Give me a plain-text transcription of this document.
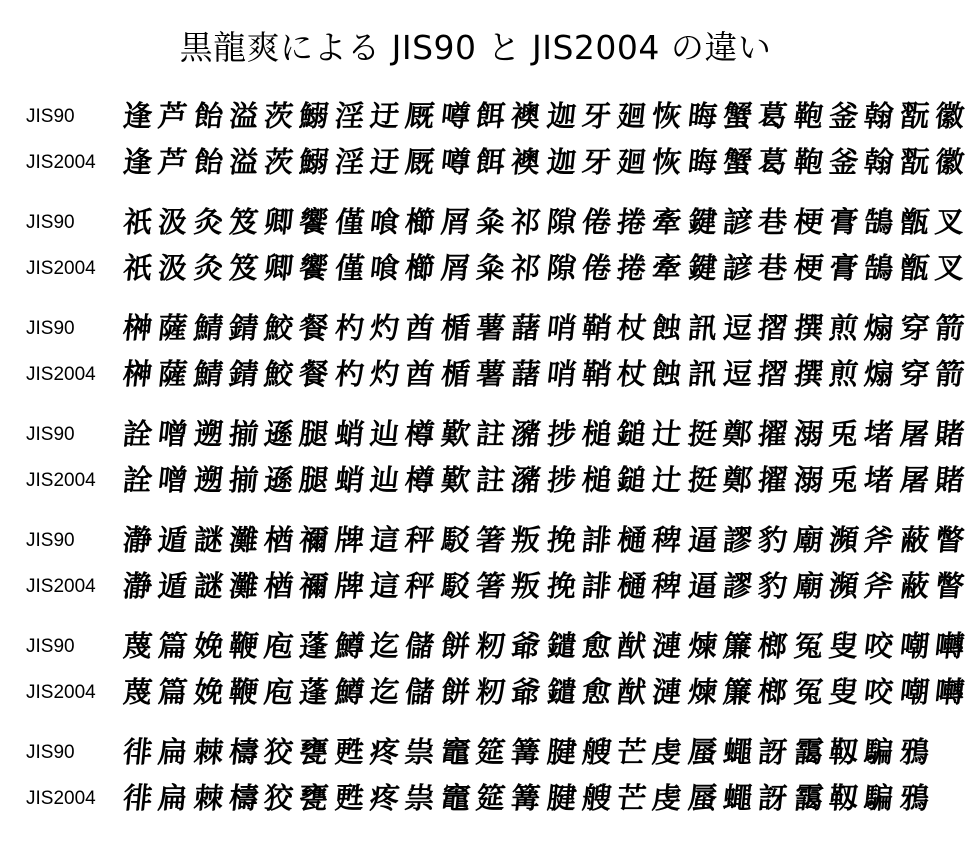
黒龍爽による JIS90 と JIS2004 の違い
JIS90 逢 芦 飴 溢 茨 鰯 淫 迂 厩 噂 餌 襖 迦 牙 廻 恢 晦 蟹 葛 鞄 釜 翰 翫 徽
JIS2004 逢 芦 飴 溢 茨 鰯 淫 迂 厩 噂 餌 襖 迦 牙 廻 恢 晦 蟹 葛 鞄 釜 翰 翫 徽
JIS90 祇 汲 灸 笈 卿 饗 僅 喰 櫛 屑 粂 祁 隙 倦 捲 牽 鍵 諺 巷 梗 膏 鵠 甑 叉
JIS2004 祇 汲 灸 笈 卿 饗 僅 喰 櫛 屑 粂 祁 隙 倦 捲 牽 鍵 諺 巷 梗 膏 鵠 甑 叉
JIS90 榊 薩 鯖 錆 鮫 餐 杓 灼 酋 楯 薯 藷 哨 鞘 杖 蝕 訊 逗 摺 撰 煎 煽 穿 箭
JIS2004 榊 薩 鯖 錆 鮫 餐 杓 灼 酋 楯 薯 藷 哨 鞘 杖 蝕 訊 逗 摺 撰 煎 煽 穿 箭
JIS90 詮 噌 遡 揃 遜 腿 蛸 辿 樽 歎 註 瀦 捗 槌 鎚 辻 挺 鄭 擢 溺 兎 堵 屠 賭
JIS2004 詮 噌 遡 揃 遜 腿 蛸 辿 樽 歎 註 瀦 捗 槌 鎚 辻 挺 鄭 擢 溺 兎 堵 屠 賭
JIS90 瀞 遁 謎 灘 楢 禰 牌 這 秤 駁 箸 叛 挽 誹 樋 稗 逼 謬 豹 廟 瀕 斧 蔽 瞥
JIS2004 瀞 遁 謎 灘 楢 禰 牌 這 秤 駁 箸 叛 挽 誹 樋 稗 逼 謬 豹 廟 瀕 斧 蔽 瞥
JIS90 蔑 篇 娩 鞭 庖 蓬 鱒 迄 儲 餅 籾 爺 鑓 愈 猷 漣 煉 簾 榔 冤 叟 咬 嘲 囀
JIS2004 蔑 篇 娩 鞭 庖 蓬 鱒 迄 儲 餅 籾 爺 鑓 愈 猷 漣 煉 簾 榔 冤 叟 咬 嘲 囀
JIS90 徘 扁 棘 檮 狡 甕 甦 疼 祟 竈 筵 篝 腱 艘 芒 虔 蜃 蠅 訝 靄 靱 騙 鴉
JIS2004 徘 扁 棘 檮 狡 甕 甦 疼 祟 竈 筵 篝 腱 艘 芒 虔 蜃 蠅 訝 靄 靱 騙 鴉
